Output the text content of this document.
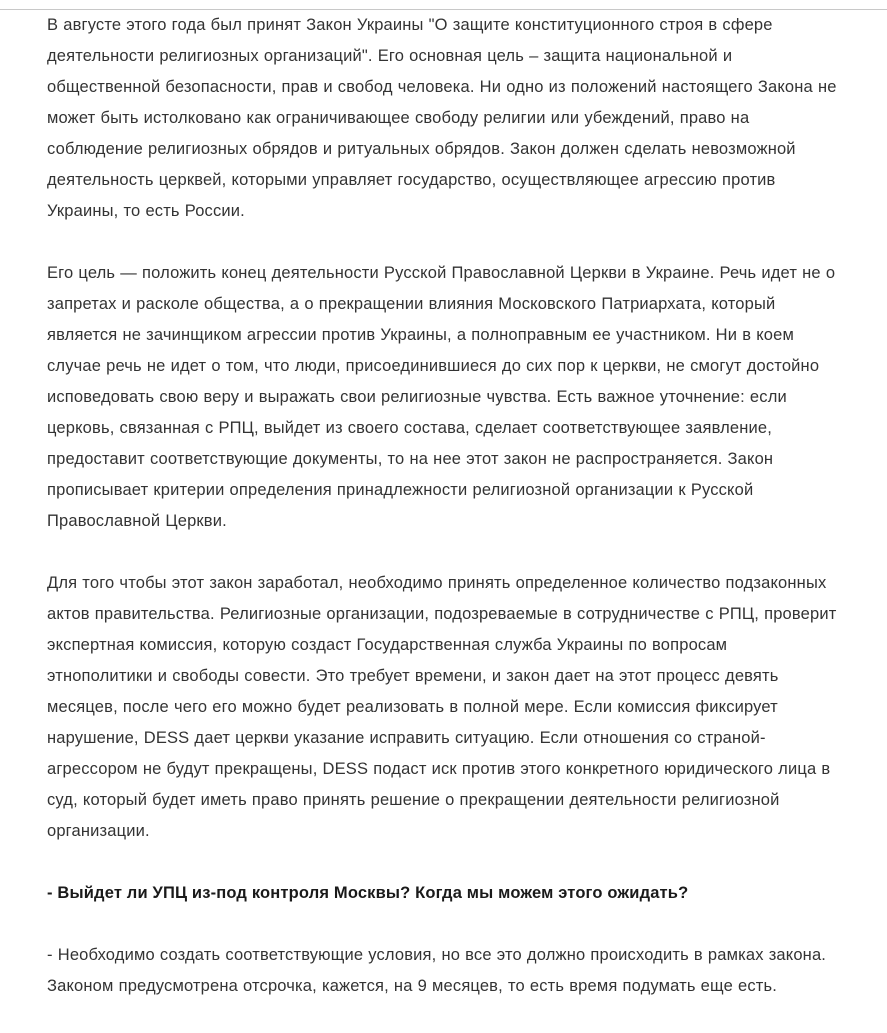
В августе этого года был принят Закон Украины "О защите конституционного строя в сфере деятельности религиозных организаций". Его основная цель – защита национальной и общественной безопасности, прав и свобод человека. Ни одно из положений настоящего Закона не может быть истолковано как ограничивающее свободу религии или убеждений, право на соблюдение религиозных обрядов и ритуальных обрядов. Закон должен сделать невозможной деятельность церквей, которыми управляет государство, осуществляющее агрессию против Украины, то есть России.

Его цель — положить конец деятельности Русской Православной Церкви в Украине. Речь идет не о запретах и расколе общества, а о прекращении влияния Московского Патриархата, который является не зачинщиком агрессии против Украины, а полноправным ее участником. Ни в коем случае речь не идет о том, что люди, присоединившиеся до сих пор к церкви, не смогут достойно исповедовать свою веру и выражать свои религиозные чувства. Есть важное уточнение: если церковь, связанная с РПЦ, выйдет из своего состава, сделает соответствующее заявление, предоставит соответствующие документы, то на нее этот закон не распространяется. Закон прописывает критерии определения принадлежности религиозной организации к Русской Православной Церкви.

Для того чтобы этот закон заработал, необходимо принять определенное количество подзаконных актов правительства. Религиозные организации, подозреваемые в сотрудничестве с РПЦ, проверит экспертная комиссия, которую создаст Государственная служба Украины по вопросам этнополитики и свободы совести. Это требует времени, и закон дает на этот процесс девять месяцев, после чего его можно будет реализовать в полной мере. Если комиссия фиксирует нарушение, DESS дает церкви указание исправить ситуацию. Если отношения со страной-агрессором не будут прекращены, DESS подаст иск против этого конкретного юридического лица в суд, который будет иметь право принять решение о прекращении деятельности религиозной организации.

- Выйдет ли УПЦ из-под контроля Москвы? Когда мы можем этого ожидать?

- Необходимо создать соответствующие условия, но все это должно происходить в рамках закона. Законом предусмотрена отсрочка, кажется, на 9 месяцев, то есть время подумать еще есть.
